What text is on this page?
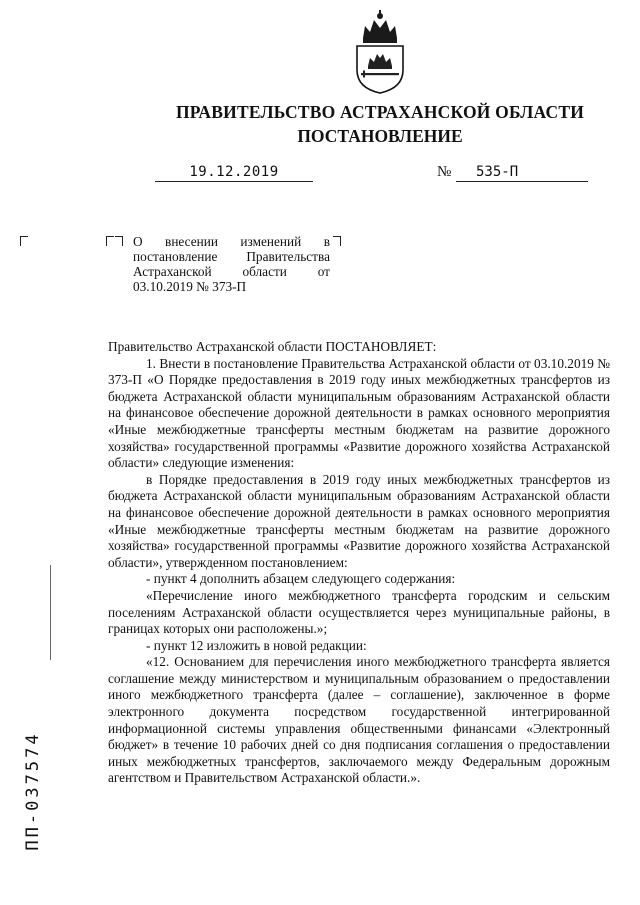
ПРАВИТЕЛЬСТВО АСТРАХАНСКОЙ ОБЛАСТИ
ПОСТАНОВЛЕНИЕ
19.12.2019	№	535-П
О внесении изменений в
постановление Правительства
Астраханской области от
03.10.2019 № 373-П

Правительство Астраханской области ПОСТАНОВЛЯЕТ:

1. Внести в постановление Правительства Астраханской области от 03.10.2019 № 373-П «О Порядке предоставления в 2019 году иных межбюджетных трансфертов из бюджета Астраханской области муниципальным образованиям Астраханской области на финансовое обеспечение дорожной деятельности в рамках основного мероприятия «Иные межбюджетные трансферты местным бюджетам на развитие дорожного хозяйства» государственной программы «Развитие дорожного хозяйства Астраханской области» следующие изменения:

в Порядке предоставления в 2019 году иных межбюджетных трансфертов из бюджета Астраханской области муниципальным образованиям Астраханской области на финансовое обеспечение дорожной деятельности в рамках основного мероприятия «Иные межбюджетные трансферты местным бюджетам на развитие дорожного хозяйства» государственной программы «Развитие дорожного хозяйства Астраханской области», утвержденном постановлением:

- пункт 4 дополнить абзацем следующего содержания:

«Перечисление иного межбюджетного трансферта городским и сельским поселениям Астраханской области осуществляется через муниципальные районы, в границах которых они расположены.»;

- пункт 12 изложить в новой редакции:

«12. Основанием для перечисления иного межбюджетного трансферта является соглашение между министерством и муниципальным образованием о предоставлении иного межбюджетного трансферта (далее – соглашение), заключенное в форме электронного документа посредством государственной интегрированной информационной системы управления общественными финансами «Электронный бюджет» в течение 10 рабочих дней со дня подписания соглашения о предоставлении иных межбюджетных трансфертов, заключаемого между Федеральным дорожным агентством и Правительством Астраханской области.».

ПП-037574
